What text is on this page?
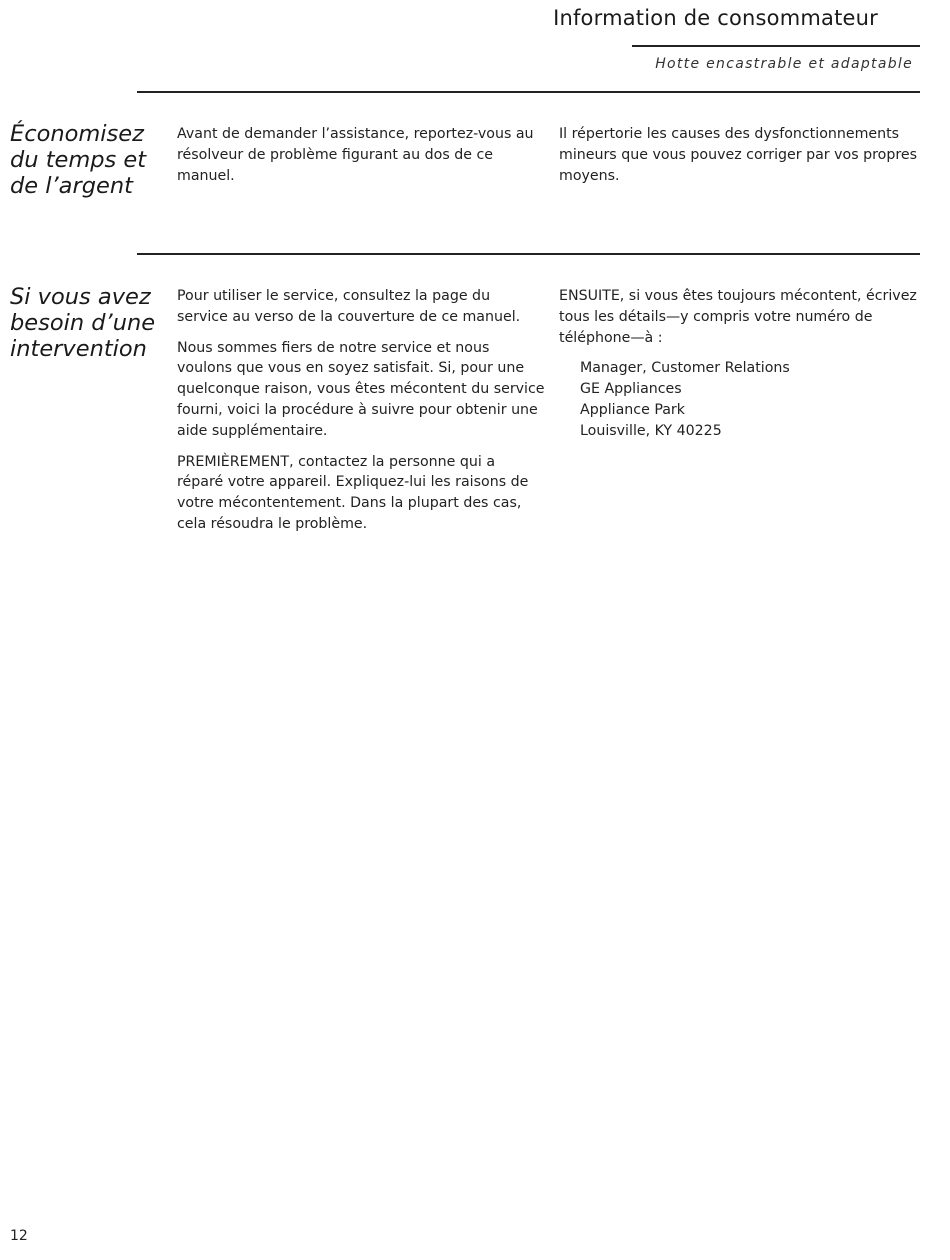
Information de consommateur
Hotte encastrable et adaptable
Économisez
du temps et
de l’argent

Avant de demander l’assistance, reportez-vous au résolveur de problème figurant au dos de ce manuel.

Il répertorie les causes des dysfonctionnements mineurs que vous pouvez corriger par vos propres moyens.

Si vous avez
besoin d’une
intervention

Pour utiliser le service, consultez la page du service au verso de la couverture de ce manuel.

Nous sommes fiers de notre service et nous voulons que vous en soyez satisfait. Si, pour une quelconque raison, vous êtes mécontent du service fourni, voici la procédure à suivre pour obtenir une aide supplémentaire.

PREMIÈREMENT, contactez la personne qui a réparé votre appareil. Expliquez-lui les raisons de votre mécontentement. Dans la plupart des cas, cela résoudra le problème.

ENSUITE, si vous êtes toujours mécontent, écrivez tous les détails—y compris votre numéro de téléphone—à :

Manager, Customer Relations
GE Appliances
Appliance Park
Louisville, KY 40225
12
